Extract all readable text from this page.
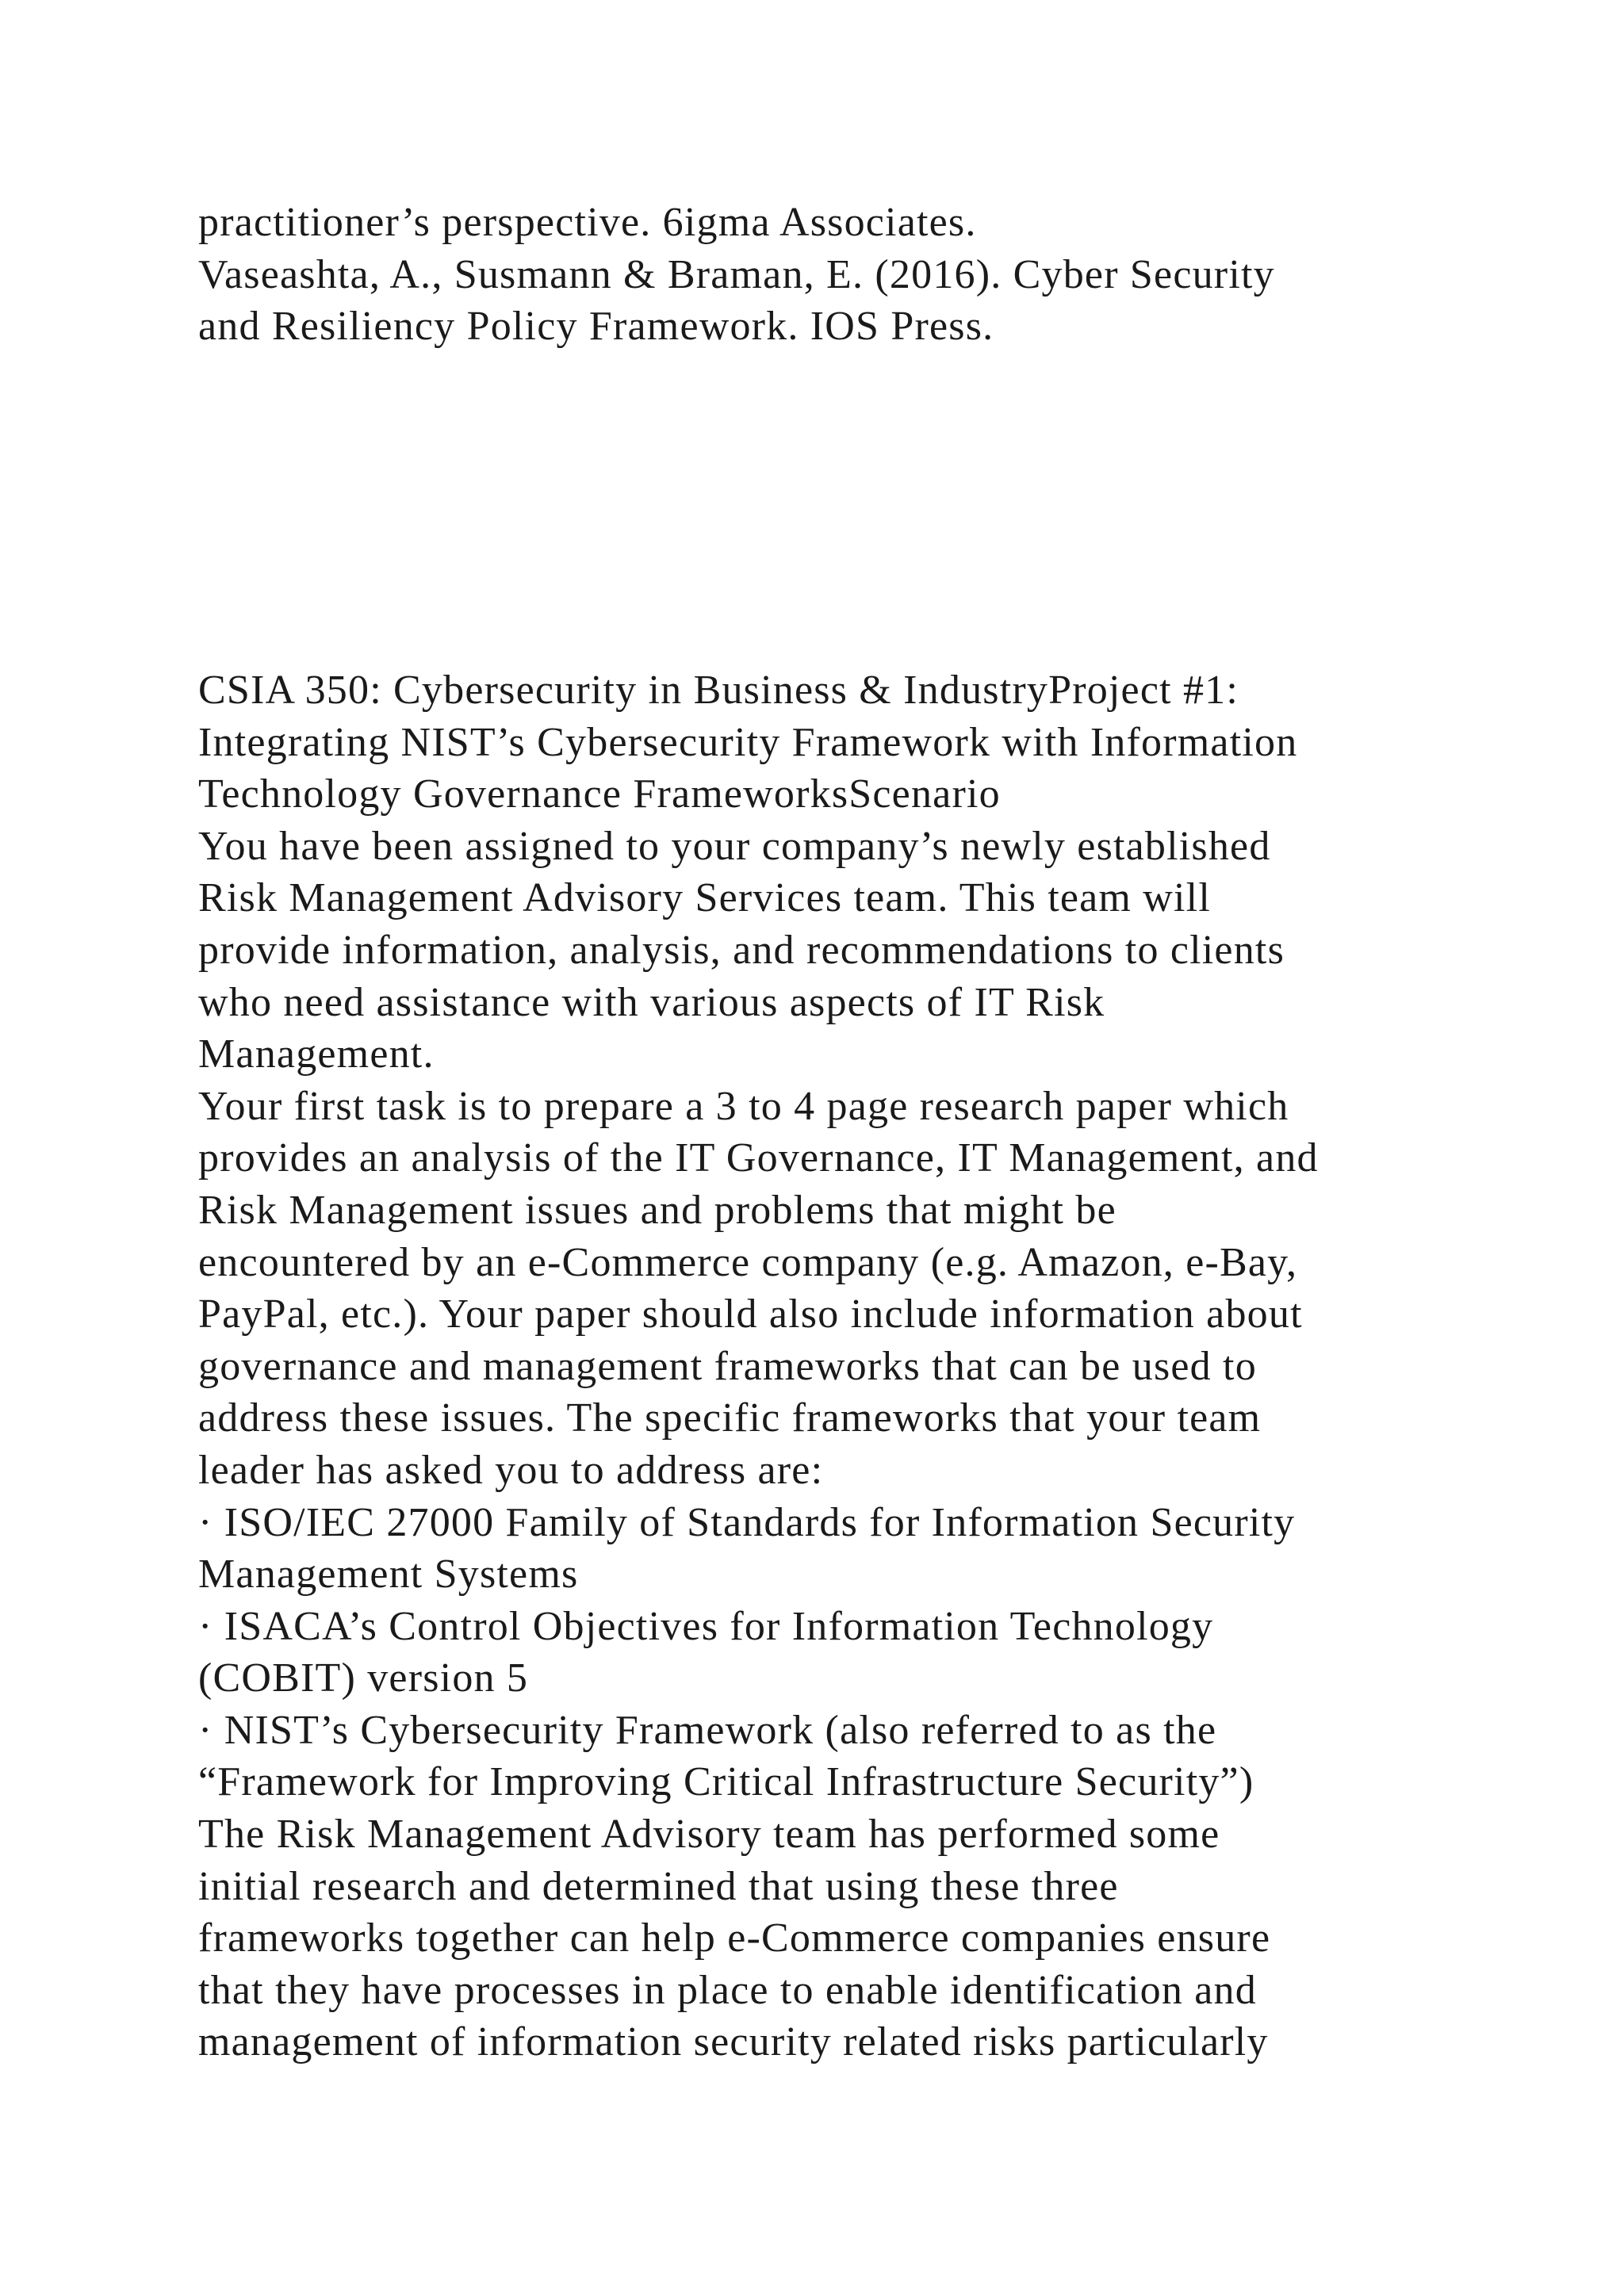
practitioner’s perspective. 6igma Associates.
Vaseashta, A., Susmann & Braman, E. (2016). Cyber Security
and Resiliency Policy Framework. IOS Press.
CSIA 350: Cybersecurity in Business & IndustryProject #1:
Integrating NIST’s Cybersecurity Framework with Information
Technology Governance FrameworksScenario
You have been assigned to your company’s newly established
Risk Management Advisory Services team. This team will
provide information, analysis, and recommendations to clients
who need assistance with various aspects of IT Risk
Management.
Your first task is to prepare a 3 to 4 page research paper which
provides an analysis of the IT Governance, IT Management, and
Risk Management issues and problems that might be
encountered by an e-Commerce company (e.g. Amazon, e-Bay,
PayPal, etc.). Your paper should also include information about
governance and management frameworks that can be used to
address these issues. The specific frameworks that your team
leader has asked you to address are:
· ISO/IEC 27000 Family of Standards for Information Security
Management Systems
· ISACA’s Control Objectives for Information Technology
(COBIT) version 5
· NIST’s Cybersecurity Framework (also referred to as the
“Framework for Improving Critical Infrastructure Security”)
The Risk Management Advisory team has performed some
initial research and determined that using these three
frameworks together can help e-Commerce companies ensure
that they have processes in place to enable identification and
management of information security related risks particularly
